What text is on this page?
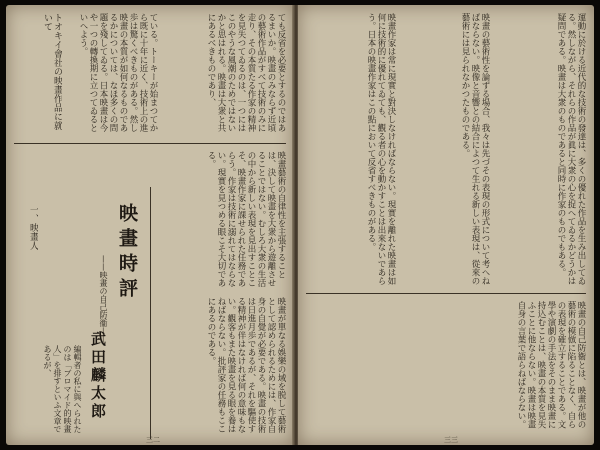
ても反省を必要とするのではあるまいか。映畫のみならず近頃の藝術作品がすべて技術のみに走り、その本質たる作家の精神を見失つてゐるのは、一つにはこのやうな風潮のためではないかと思はれる。映畫は大衆と共にあるべきものであり、
ている。トーキーが始まつてから既に十年に近く、技術上の進歩は驚くべきものがある。然し映畫の本質が如何なるものであるかについては、なほ多くの問題を殘してゐる。日本映畫は今や一つの轉換期に立つてゐるといへよう。
トオキイ會社の映畫作品に就いて
映畫藝術の自律性を主張することは、決して映畫を大衆から遊離させることではない。むしろ大衆の生活の中から新しい表現を見出すことこそ、映畫作家に課せられた任務であらう。作家は技術に溺れてはならない。現實を見つめる眼こそ大切である。
映畫時評
——映畫の自己防衞——
武田麟太郎
編輯者の私に與へられたのは「ブロマイド的映畫人」を排すといふ文章であるが、
一、映畫人
映畫が單なる娛樂の域を脱して藝術として認められるためには、作家自身の自覺が必要である。映畫の技術は日進月歩であるが、それを驅使する精神が伴はなければ何の意味もない。觀客もまた映畫を見る眼を養はねばならない。批評家の任務もここにあるのである。
三二
運動に於ける近代的な技術の發達は、多くの優れた作品を生み出してゐる。然しながら、それらの作品が眞に大衆の心を捉へてゐるかどうかは疑問である。映畫は大衆のものであると同時に作家のものでもある。
映畫の藝術性を論ずる場合、我々は先づその表現の形式について考へねばならない。映像と音響との結合によつて生れる新しい表現は、從來の藝術には見られなかつたものである。
映畫作家は常に現實と對決しなければならない。現實を離れた映畫は如何に技術的に優れてゐても、觀る者の心を動かすことは出來ないであらう。日本の映畫作家はこの點において反省すべきものがある。
映畫の自己防衞とは、映畫が他の藝術の模倣に陷ることなく、自らの表現を確立することである。文學や演劇の手法をそのまま映畫に持込むことは、映畫の本質を見失ふことに他ならない。映畫は映畫自身の言葉で語らねばならない。
三三
